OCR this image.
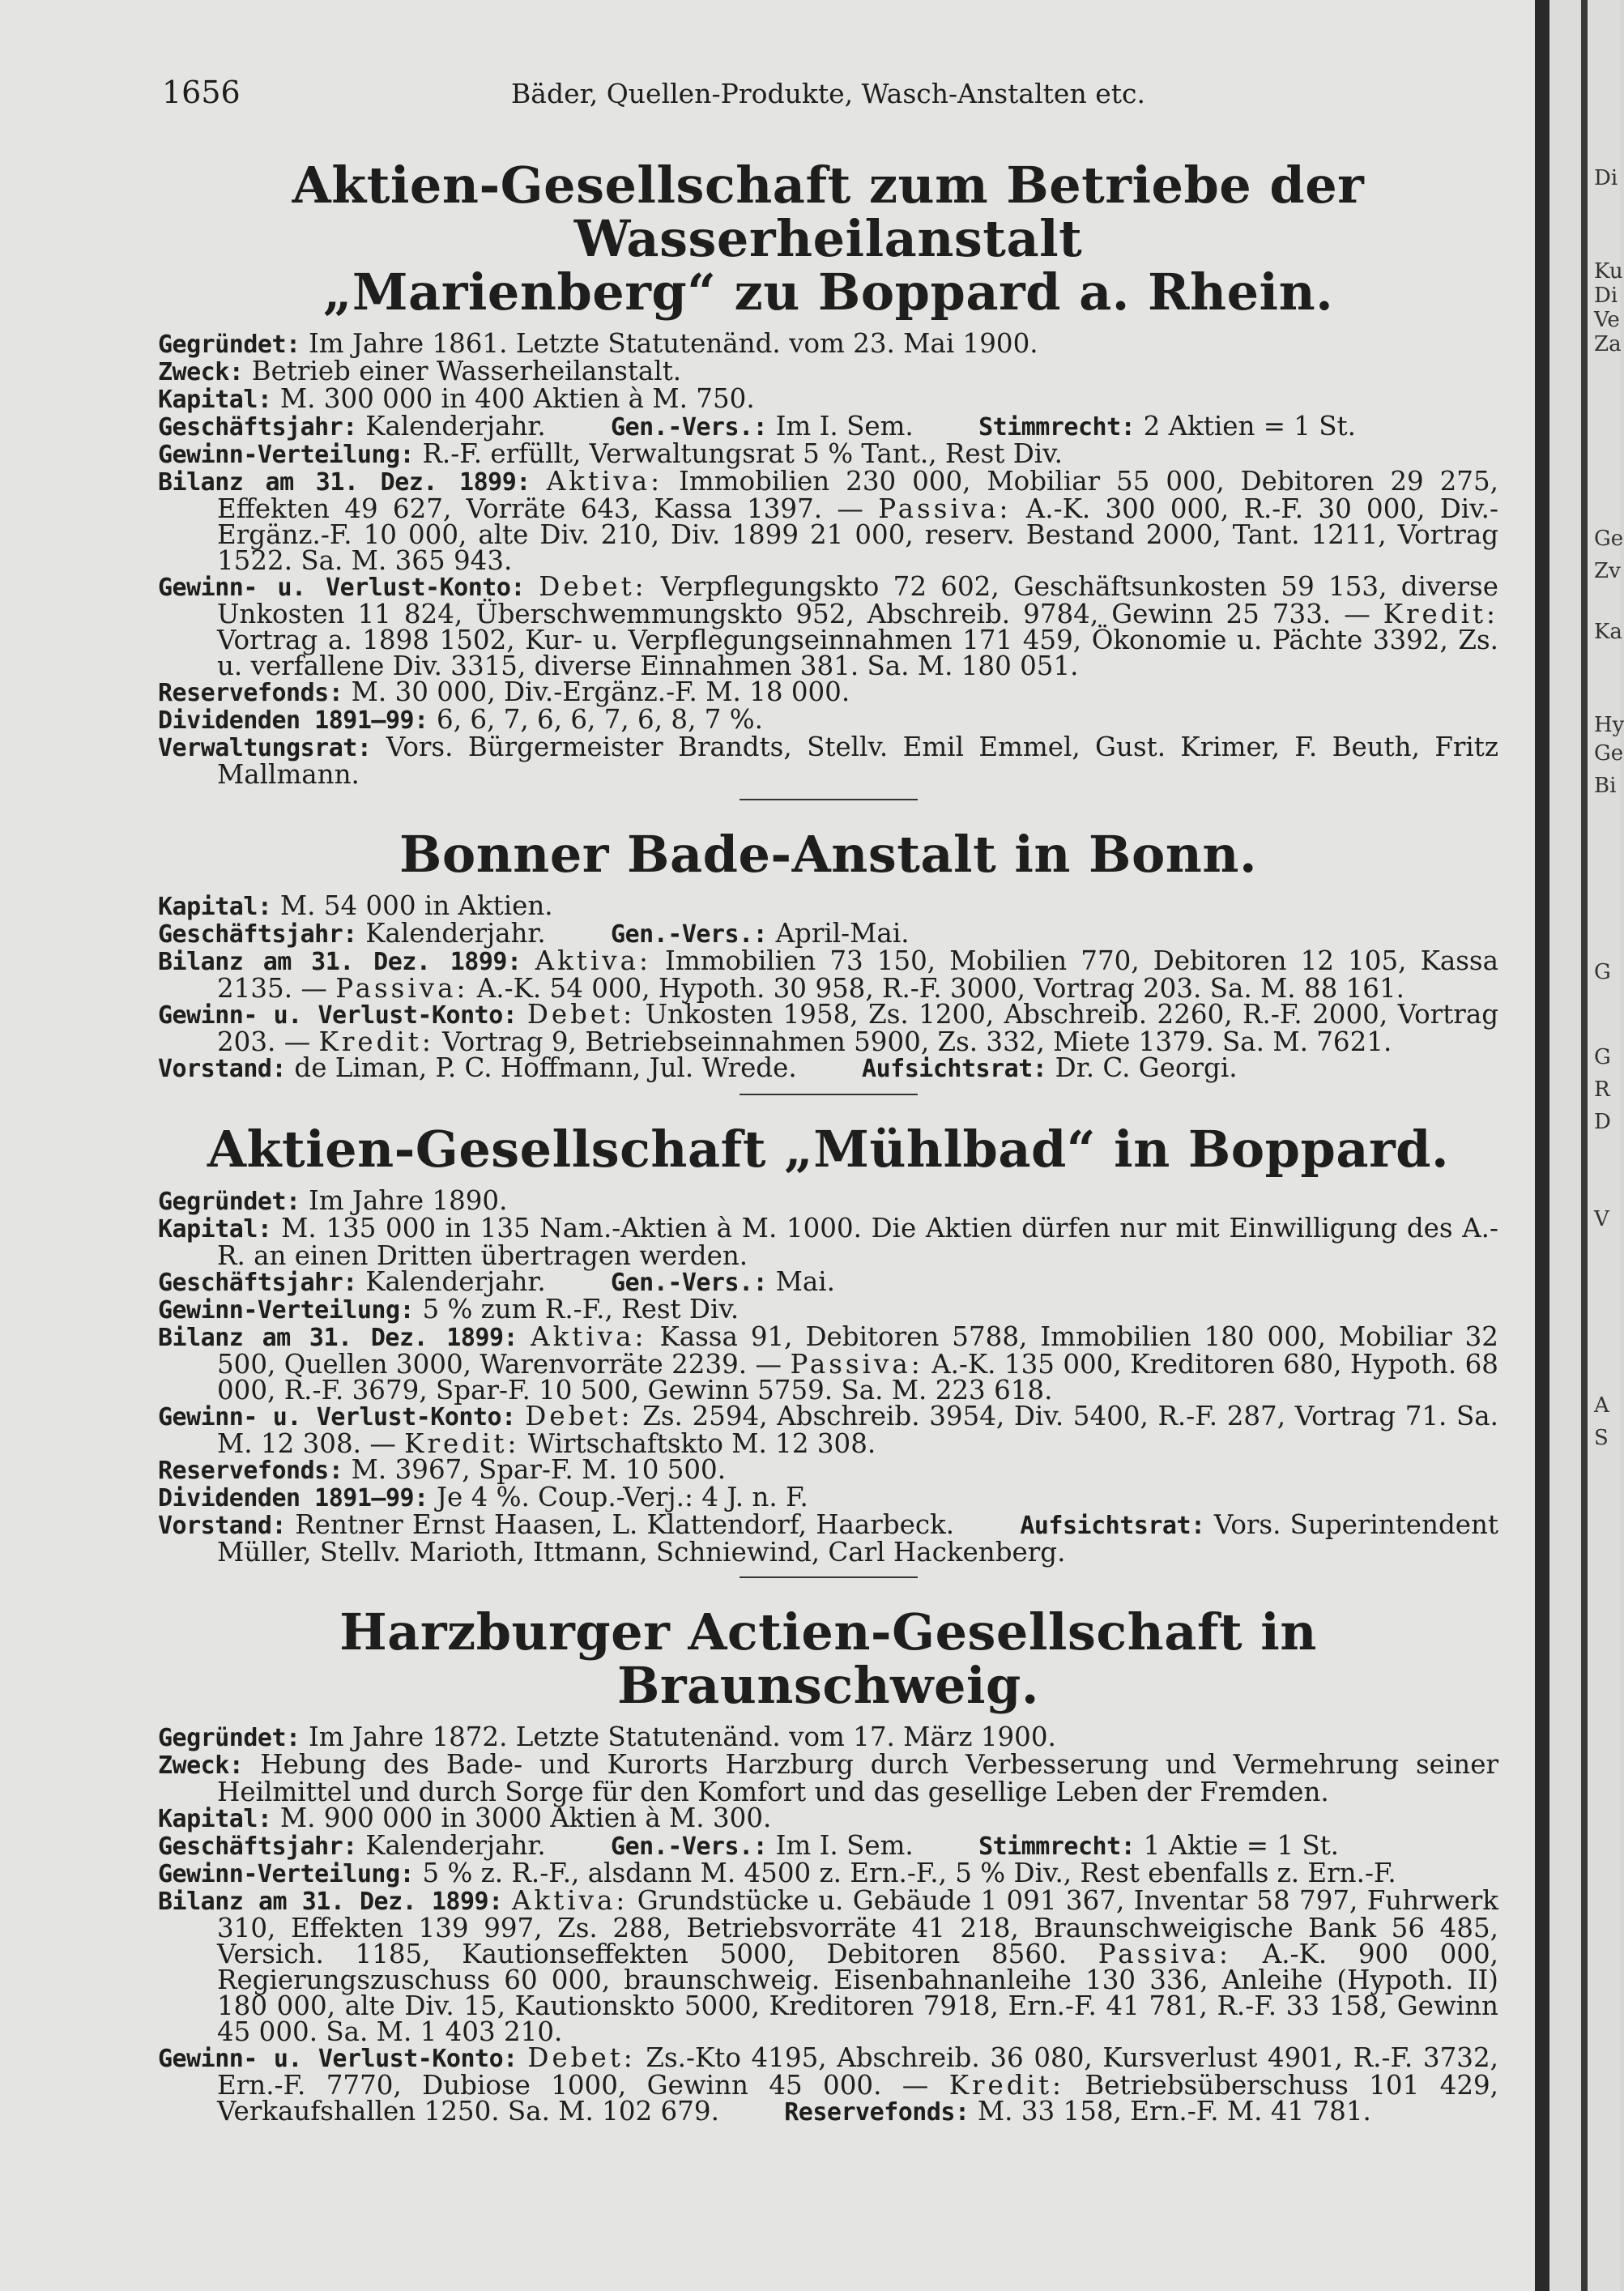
1656	Bäder, Quellen-Produkte, Wasch-Anstalten etc.
Aktien-Gesellschaft zum Betriebe der Wasserheilanstalt
„Marienberg“ zu Boppard a. Rhein.

Gegründet: Im Jahre 1861. Letzte Statutenänd. vom 23. Mai 1900.

Zweck: Betrieb einer Wasserheilanstalt.

Kapital: M. 300 000 in 400 Aktien à M. 750.

Geschäftsjahr: Kalenderjahr.	Gen.-Vers.: Im I. Sem.	Stimmrecht: 2 Aktien = 1 St.

Gewinn-Verteilung: R.-F. erfüllt, Verwaltungsrat 5 % Tant., Rest Div.

Bilanz am 31. Dez. 1899: Aktiva: Immobilien 230 000, Mobiliar 55 000, Debitoren 29 275, Effekten 49 627, Vorräte 643, Kassa 1397. — Passiva: A.-K. 300 000, R.-F. 30 000, Div.-Ergänz.-F. 10 000, alte Div. 210, Div. 1899 21 000, reserv. Bestand 2000, Tant. 1211, Vortrag 1522. Sa. M. 365 943.

Gewinn- u. Verlust-Konto: Debet: Verpflegungskto 72 602, Geschäftsunkosten 59 153, diverse Unkosten 11 824, Überschwemmungskto 952, Abschreib. 9784, Gewinn 25 733. — Kredit: Vortrag a. 1898 1502, Kur- u. Verpflegungseinnahmen 171 459, Ökonomie u. Pächte 3392, Zs. u. verfallene Div. 3315, diverse Einnahmen 381. Sa. M. 180 051.

Reservefonds: M. 30 000, Div.-Ergänz.-F. M. 18 000.

Dividenden 1891—99: 6, 6, 7, 6, 6, 7, 6, 8, 7 %.

Verwaltungsrat: Vors. Bürgermeister Brandts, Stellv. Emil Emmel, Gust. Krimer, F. Beuth, Fritz Mallmann.

Bonner Bade-Anstalt in Bonn.

Kapital: M. 54 000 in Aktien.

Geschäftsjahr: Kalenderjahr.	Gen.-Vers.: April-Mai.

Bilanz am 31. Dez. 1899: Aktiva: Immobilien 73 150, Mobilien 770, Debitoren 12 105, Kassa 2135. — Passiva: A.-K. 54 000, Hypoth. 30 958, R.-F. 3000, Vortrag 203. Sa. M. 88 161.

Gewinn- u. Verlust-Konto: Debet: Unkosten 1958, Zs. 1200, Abschreib. 2260, R.-F. 2000, Vortrag 203. — Kredit: Vortrag 9, Betriebseinnahmen 5900, Zs. 332, Miete 1379. Sa. M. 7621.

Vorstand: de Liman, P. C. Hoffmann, Jul. Wrede.	Aufsichtsrat: Dr. C. Georgi.

Aktien-Gesellschaft „Mühlbad“ in Boppard.

Gegründet: Im Jahre 1890.

Kapital: M. 135 000 in 135 Nam.-Aktien à M. 1000. Die Aktien dürfen nur mit Einwilligung des A.-R. an einen Dritten übertragen werden.

Geschäftsjahr: Kalenderjahr.	Gen.-Vers.: Mai.

Gewinn-Verteilung: 5 % zum R.-F., Rest Div.

Bilanz am 31. Dez. 1899: Aktiva: Kassa 91, Debitoren 5788, Immobilien 180 000, Mobiliar 32 500, Quellen 3000, Warenvorräte 2239. — Passiva: A.-K. 135 000, Kreditoren 680, Hypoth. 68 000, R.-F. 3679, Spar-F. 10 500, Gewinn 5759. Sa. M. 223 618.

Gewinn- u. Verlust-Konto: Debet: Zs. 2594, Abschreib. 3954, Div. 5400, R.-F. 287, Vortrag 71. Sa. M. 12 308. — Kredit: Wirtschaftskto M. 12 308.

Reservefonds: M. 3967, Spar-F. M. 10 500.

Dividenden 1891—99: Je 4 %. Coup.-Verj.: 4 J. n. F.

Vorstand: Rentner Ernst Haasen, L. Klattendorf, Haarbeck.	Aufsichtsrat: Vors. Superintendent Müller, Stellv. Marioth, Ittmann, Schniewind, Carl Hackenberg.

Harzburger Actien-Gesellschaft in Braunschweig.

Gegründet: Im Jahre 1872. Letzte Statutenänd. vom 17. März 1900.

Zweck: Hebung des Bade- und Kurorts Harzburg durch Verbesserung und Vermehrung seiner Heilmittel und durch Sorge für den Komfort und das gesellige Leben der Fremden.

Kapital: M. 900 000 in 3000 Aktien à M. 300.

Geschäftsjahr: Kalenderjahr.	Gen.-Vers.: Im I. Sem.	Stimmrecht: 1 Aktie = 1 St.

Gewinn-Verteilung: 5 % z. R.-F., alsdann M. 4500 z. Ern.-F., 5 % Div., Rest ebenfalls z. Ern.-F.

Bilanz am 31. Dez. 1899: Aktiva: Grundstücke u. Gebäude 1 091 367, Inventar 58 797, Fuhrwerk 310, Effekten 139 997, Zs. 288, Betriebsvorräte 41 218, Braunschweigische Bank 56 485, Versich. 1185, Kautionseffekten 5000, Debitoren 8560. Passiva: A.-K. 900 000, Regierungszuschuss 60 000, braunschweig. Eisenbahnanleihe 130 336, Anleihe (Hypoth. II) 180 000, alte Div. 15, Kautionskto 5000, Kreditoren 7918, Ern.-F. 41 781, R.-F. 33 158, Gewinn 45 000. Sa. M. 1 403 210.

Gewinn- u. Verlust-Konto: Debet: Zs.-Kto 4195, Abschreib. 36 080, Kursverlust 4901, R.-F. 3732, Ern.-F. 7770, Dubiose 1000, Gewinn 45 000. — Kredit: Betriebsüberschuss 101 429, Verkaufshallen 1250. Sa. M. 102 679.	Reservefonds: M. 33 158, Ern.-F. M. 41 781.

Di
Ku
Di
Ve
Za
Ge
Zv
Ka
Hy
Ge
Bi
G
G
R
D
V
A
S
